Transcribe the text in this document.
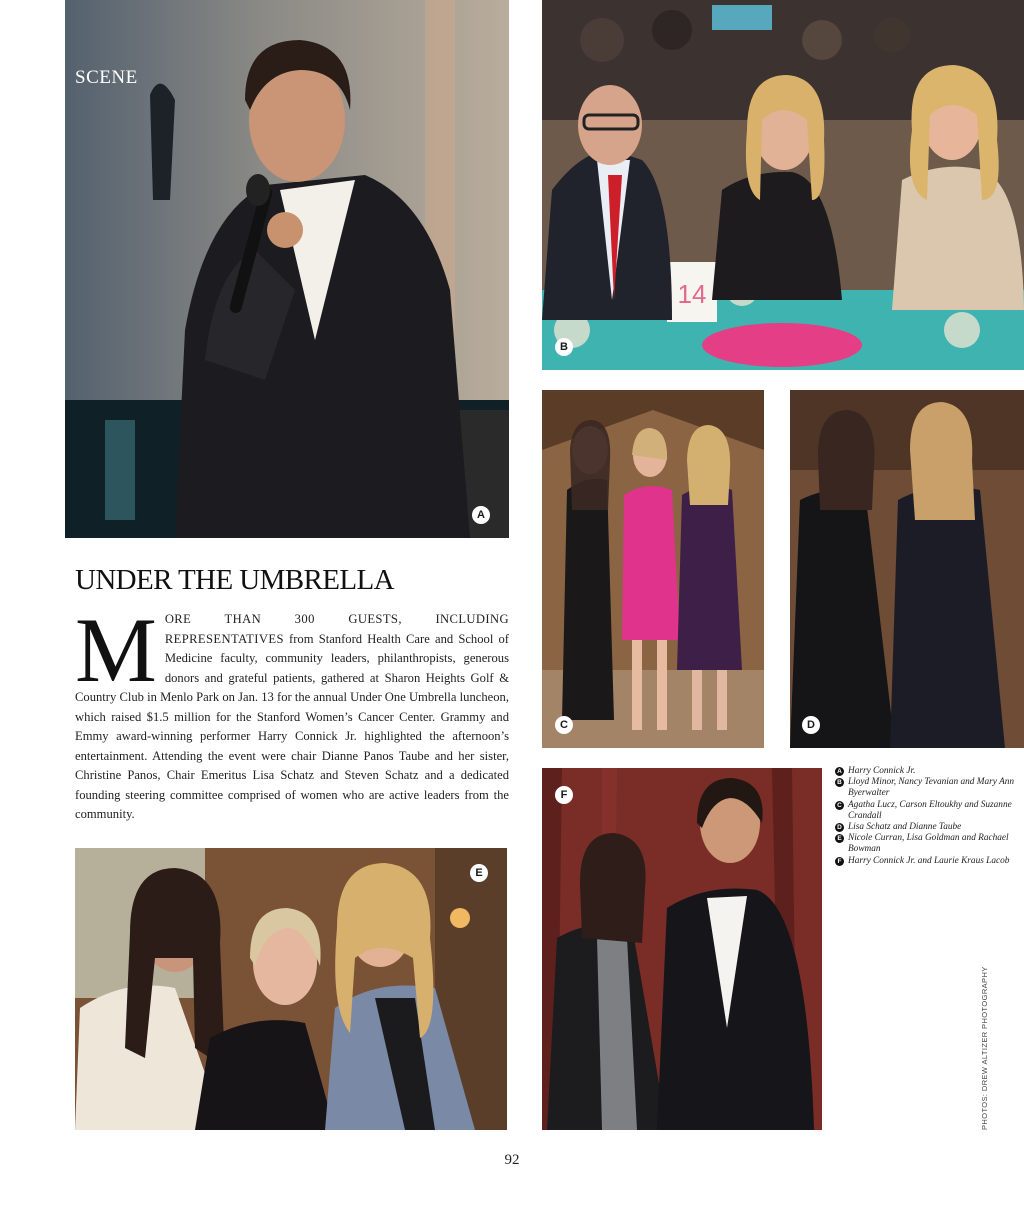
A
SCENE
14
B
C	D
E
F
UNDER THE UMBRELLA

MORE THAN 300 GUESTS, INCLUDING REPRESENTATIVES from Stanford Health Care and School of Medicine faculty, community leaders, philanthropists, generous donors and grateful patients, gathered at Sharon Heights Golf & Country Club in Menlo Park on Jan. 13 for the annual Under One Umbrella luncheon, which raised $1.5 million for the Stanford Women’s Cancer Center. Grammy and Emmy award-winning performer Harry Connick Jr. highlighted the afternoon’s entertainment. Attending the event were chair Dianne Panos Taube and her sister, Christine Panos, Chair Emeritus Lisa Schatz and Steven Schatz and a dedicated founding steering committee comprised of women who are active leaders from the community.

A Harry Connick Jr.
B Lloyd Minor, Nancy Tevanian and Mary Ann Byerwalter
C Agatha Lucz, Carson Eltoukhy and Suzanne Crandall
D Lisa Schatz and Dianne Taube
E Nicole Curran, Lisa Goldman and Rachael Bowman
F Harry Connick Jr. and Laurie Kraus Lacob
PHOTOS: DREW ALTIZER PHOTOGRAPHY
92
